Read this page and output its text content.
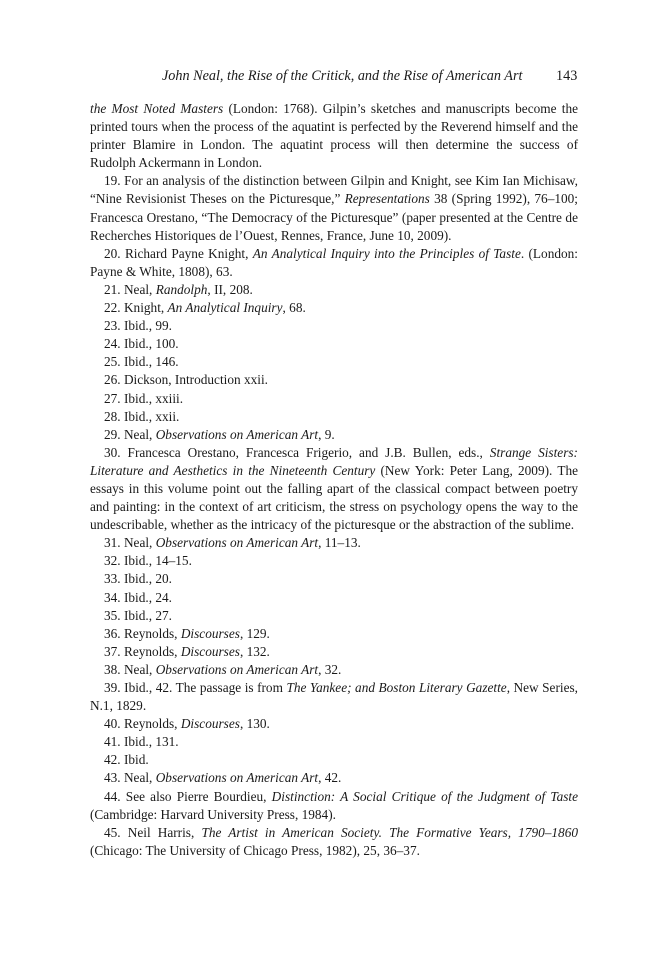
John Neal, the Rise of the Critick, and the Rise of American Art 143

the Most Noted Masters (London: 1768). Gilpin’s sketches and manuscripts become the printed tours when the process of the aquatint is perfected by the Reverend himself and the printer Blamire in London. The aquatint process will then determine the success of Rudolph Ackermann in London.

19. For an analysis of the distinction between Gilpin and Knight, see Kim Ian Michisaw, “Nine Revisionist Theses on the Picturesque,” Representations 38 (Spring 1992), 76–100; Francesca Orestano, “The Democracy of the Picturesque” (paper presented at the Centre de Recherches Historiques de l’Ouest, Rennes, France, June 10, 2009).

20. Richard Payne Knight, An Analytical Inquiry into the Principles of Taste. (London: Payne & White, 1808), 63.

21. Neal, Randolph, II, 208.

22. Knight, An Analytical Inquiry, 68.

23. Ibid., 99.

24. Ibid., 100.

25. Ibid., 146.

26. Dickson, Introduction xxii.

27. Ibid., xxiii.

28. Ibid., xxii.

29. Neal, Observations on American Art, 9.

30. Francesca Orestano, Francesca Frigerio, and J.B. Bullen, eds., Strange Sisters: Literature and Aesthetics in the Nineteenth Century (New York: Peter Lang, 2009). The essays in this volume point out the falling apart of the classical compact between poetry and painting: in the context of art criticism, the stress on psychology opens the way to the undescribable, whether as the intricacy of the picturesque or the abstraction of the sublime.

31. Neal, Observations on American Art, 11–13.

32. Ibid., 14–15.

33. Ibid., 20.

34. Ibid., 24.

35. Ibid., 27.

36. Reynolds, Discourses, 129.

37. Reynolds, Discourses, 132.

38. Neal, Observations on American Art, 32.

39. Ibid., 42. The passage is from The Yankee; and Boston Literary Gazette, New Series, N.1, 1829.

40. Reynolds, Discourses, 130.

41. Ibid., 131.

42. Ibid.

43. Neal, Observations on American Art, 42.

44. See also Pierre Bourdieu, Distinction: A Social Critique of the Judgment of Taste (Cambridge: Harvard University Press, 1984).

45. Neil Harris, The Artist in American Society. The Formative Years, 1790–1860 (Chicago: The University of Chicago Press, 1982), 25, 36–37.
